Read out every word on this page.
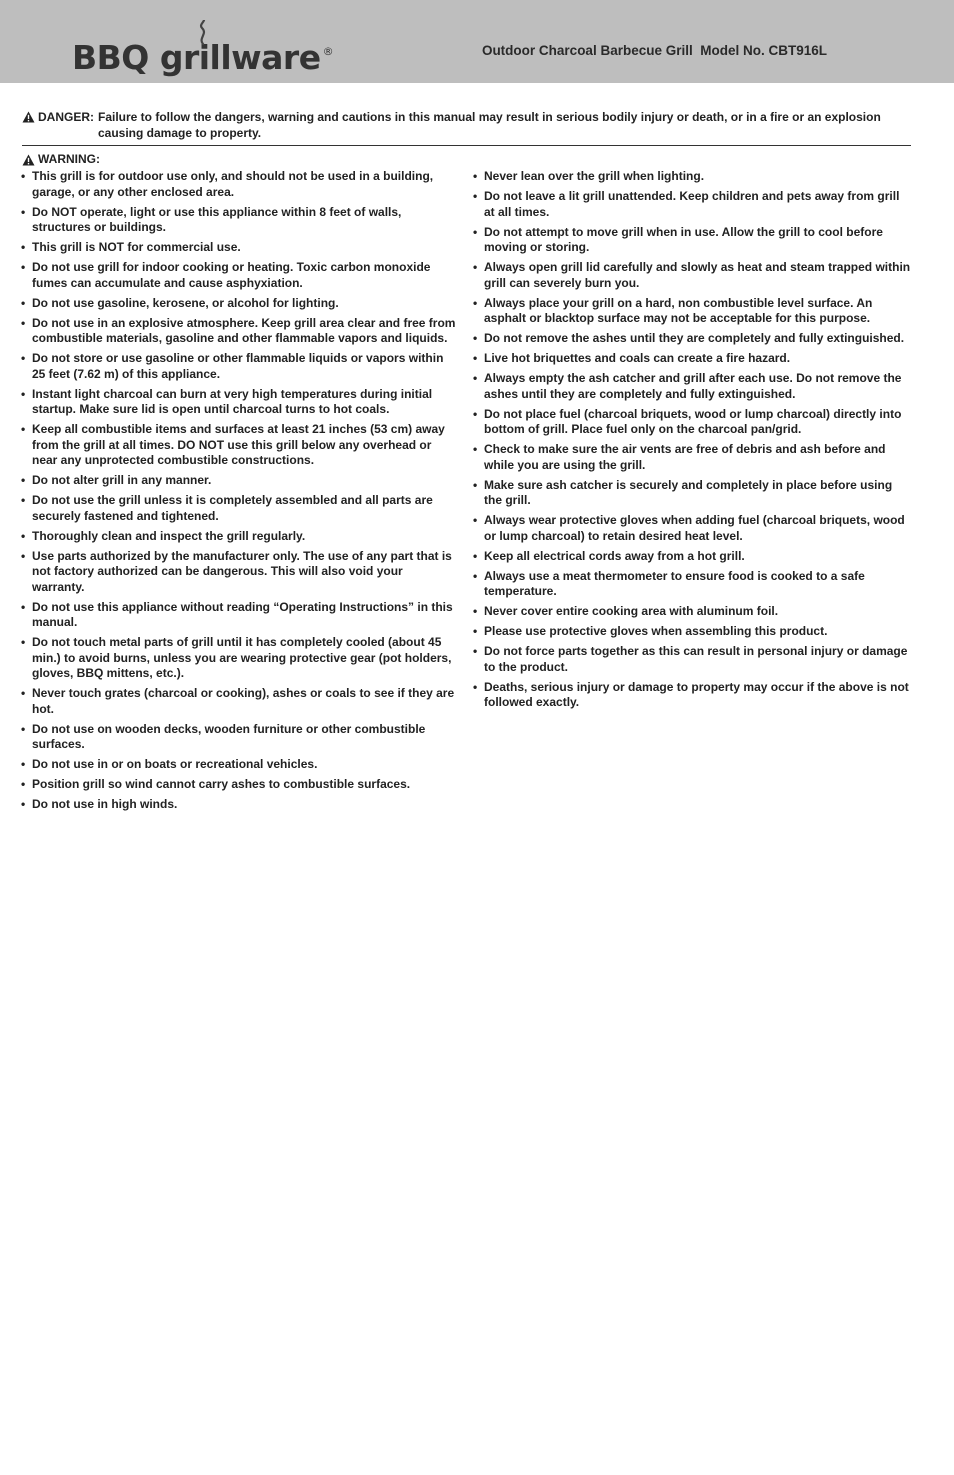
BBQ grillware ®	Outdoor Charcoal Barbecue Grill  Model No. CBT916L
DANGER: Failure to follow the dangers, warning and cautions in this manual may result in serious bodily injury or death, or in a fire or an explosion causing damage to property.
WARNING:
• This grill is for outdoor use only, and should not be used in a building, garage, or any other enclosed area.
• Do NOT operate, light or use this appliance within 8 feet of walls, structures or buildings.
• This grill is NOT for commercial use.
• Do not use grill for indoor cooking or heating. Toxic carbon monoxide fumes can accumulate and cause asphyxiation.
• Do not use gasoline, kerosene, or alcohol for lighting.
• Do not use in an explosive atmosphere. Keep grill area clear and free from combustible materials, gasoline and other flammable vapors and liquids.
• Do not store or use gasoline or other flammable liquids or vapors within 25 feet (7.62 m) of this appliance.
• Instant light charcoal can burn at very high temperatures during initial startup. Make sure lid is open until charcoal turns to hot coals.
• Keep all combustible items and surfaces at least 21 inches (53 cm) away from the grill at all times. DO NOT use this grill below any overhead or near any unprotected combustible constructions.
• Do not alter grill in any manner.
• Do not use the grill unless it is completely assembled and all parts are securely fastened and tightened.
• Thoroughly clean and inspect the grill regularly.
• Use parts authorized by the manufacturer only. The use of any part that is not factory authorized can be dangerous. This will also void your warranty.
• Do not use this appliance without reading “Operating Instructions” in this manual.
• Do not touch metal parts of grill until it has completely cooled (about 45 min.) to avoid burns, unless you are wearing protective gear (pot holders, gloves, BBQ mittens, etc.).
• Never touch grates (charcoal or cooking), ashes or coals to see if they are hot.
• Do not use on wooden decks, wooden furniture or other combustible surfaces.
• Do not use in or on boats or recreational vehicles.
• Position grill so wind cannot carry ashes to combustible surfaces.
• Do not use in high winds.
• Never lean over the grill when lighting.
• Do not leave a lit grill unattended. Keep children and pets away from grill at all times.
• Do not attempt to move grill when in use. Allow the grill to cool before moving or storing.
• Always open grill lid carefully and slowly as heat and steam trapped within grill can severely burn you.
• Always place your grill on a hard, non combustible level surface. An asphalt or blacktop surface may not be acceptable for this purpose.
• Do not remove the ashes until they are completely and fully extinguished.
• Live hot briquettes and coals can create a fire hazard.
• Always empty the ash catcher and grill after each use. Do not remove the ashes until they are completely and fully extinguished.
• Do not place fuel (charcoal briquets, wood or lump charcoal) directly into bottom of grill. Place fuel only on the charcoal pan/grid.
• Check to make sure the air vents are free of debris and ash before and while you are using the grill.
• Make sure ash catcher is securely and completely in place before using the grill.
• Always wear protective gloves when adding fuel (charcoal briquets, wood or lump charcoal) to retain desired heat level.
• Keep all electrical cords away from a hot grill.
• Always use a meat thermometer to ensure food is cooked to a safe temperature.
• Never cover entire cooking area with aluminum foil.
• Please use protective gloves when assembling this product.
• Do not force parts together as this can result in personal injury or damage to the product.
• Deaths, serious injury or damage to property may occur if the above is not followed exactly.
